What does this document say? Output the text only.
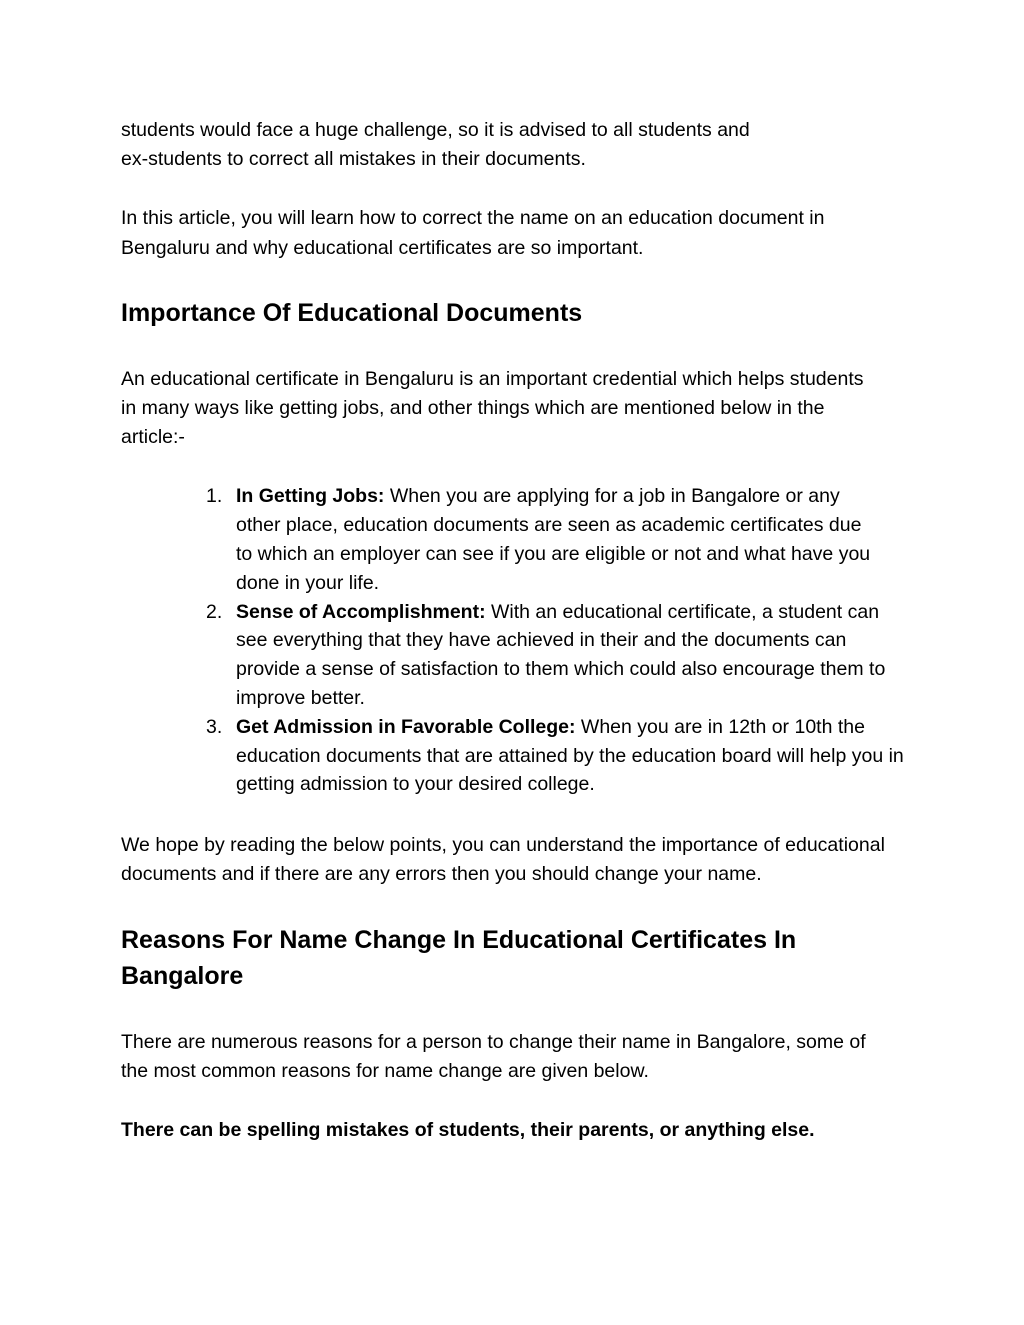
students would face a huge challenge, so it is advised to all students and
ex-students to correct all mistakes in their documents.

In this article, you will learn how to correct the name on an education document in Bengaluru and why educational certificates are so important.

Importance Of Educational Documents

An educational certificate in Bengaluru is an important credential which helps students in many ways like getting jobs, and other things which are mentioned below in the article:-

1. In Getting Jobs: When you are applying for a job in Bangalore or any other place, education documents are seen as academic certificates due to which an employer can see if you are eligible or not and what have you done in your life.
2. Sense of Accomplishment: With an educational certificate, a student can see everything that they have achieved in their and the documents can provide a sense of satisfaction to them which could also encourage them to improve better.
3. Get Admission in Favorable College: When you are in 12th or 10th the education documents that are attained by the education board will help you in getting admission to your desired college.

We hope by reading the below points, you can understand the importance of educational documents and if there are any errors then you should change your name.

Reasons For Name Change In Educational Certificates In Bangalore

There are numerous reasons for a person to change their name in Bangalore, some of the most common reasons for name change are given below.

There can be spelling mistakes of students, their parents, or anything else.
